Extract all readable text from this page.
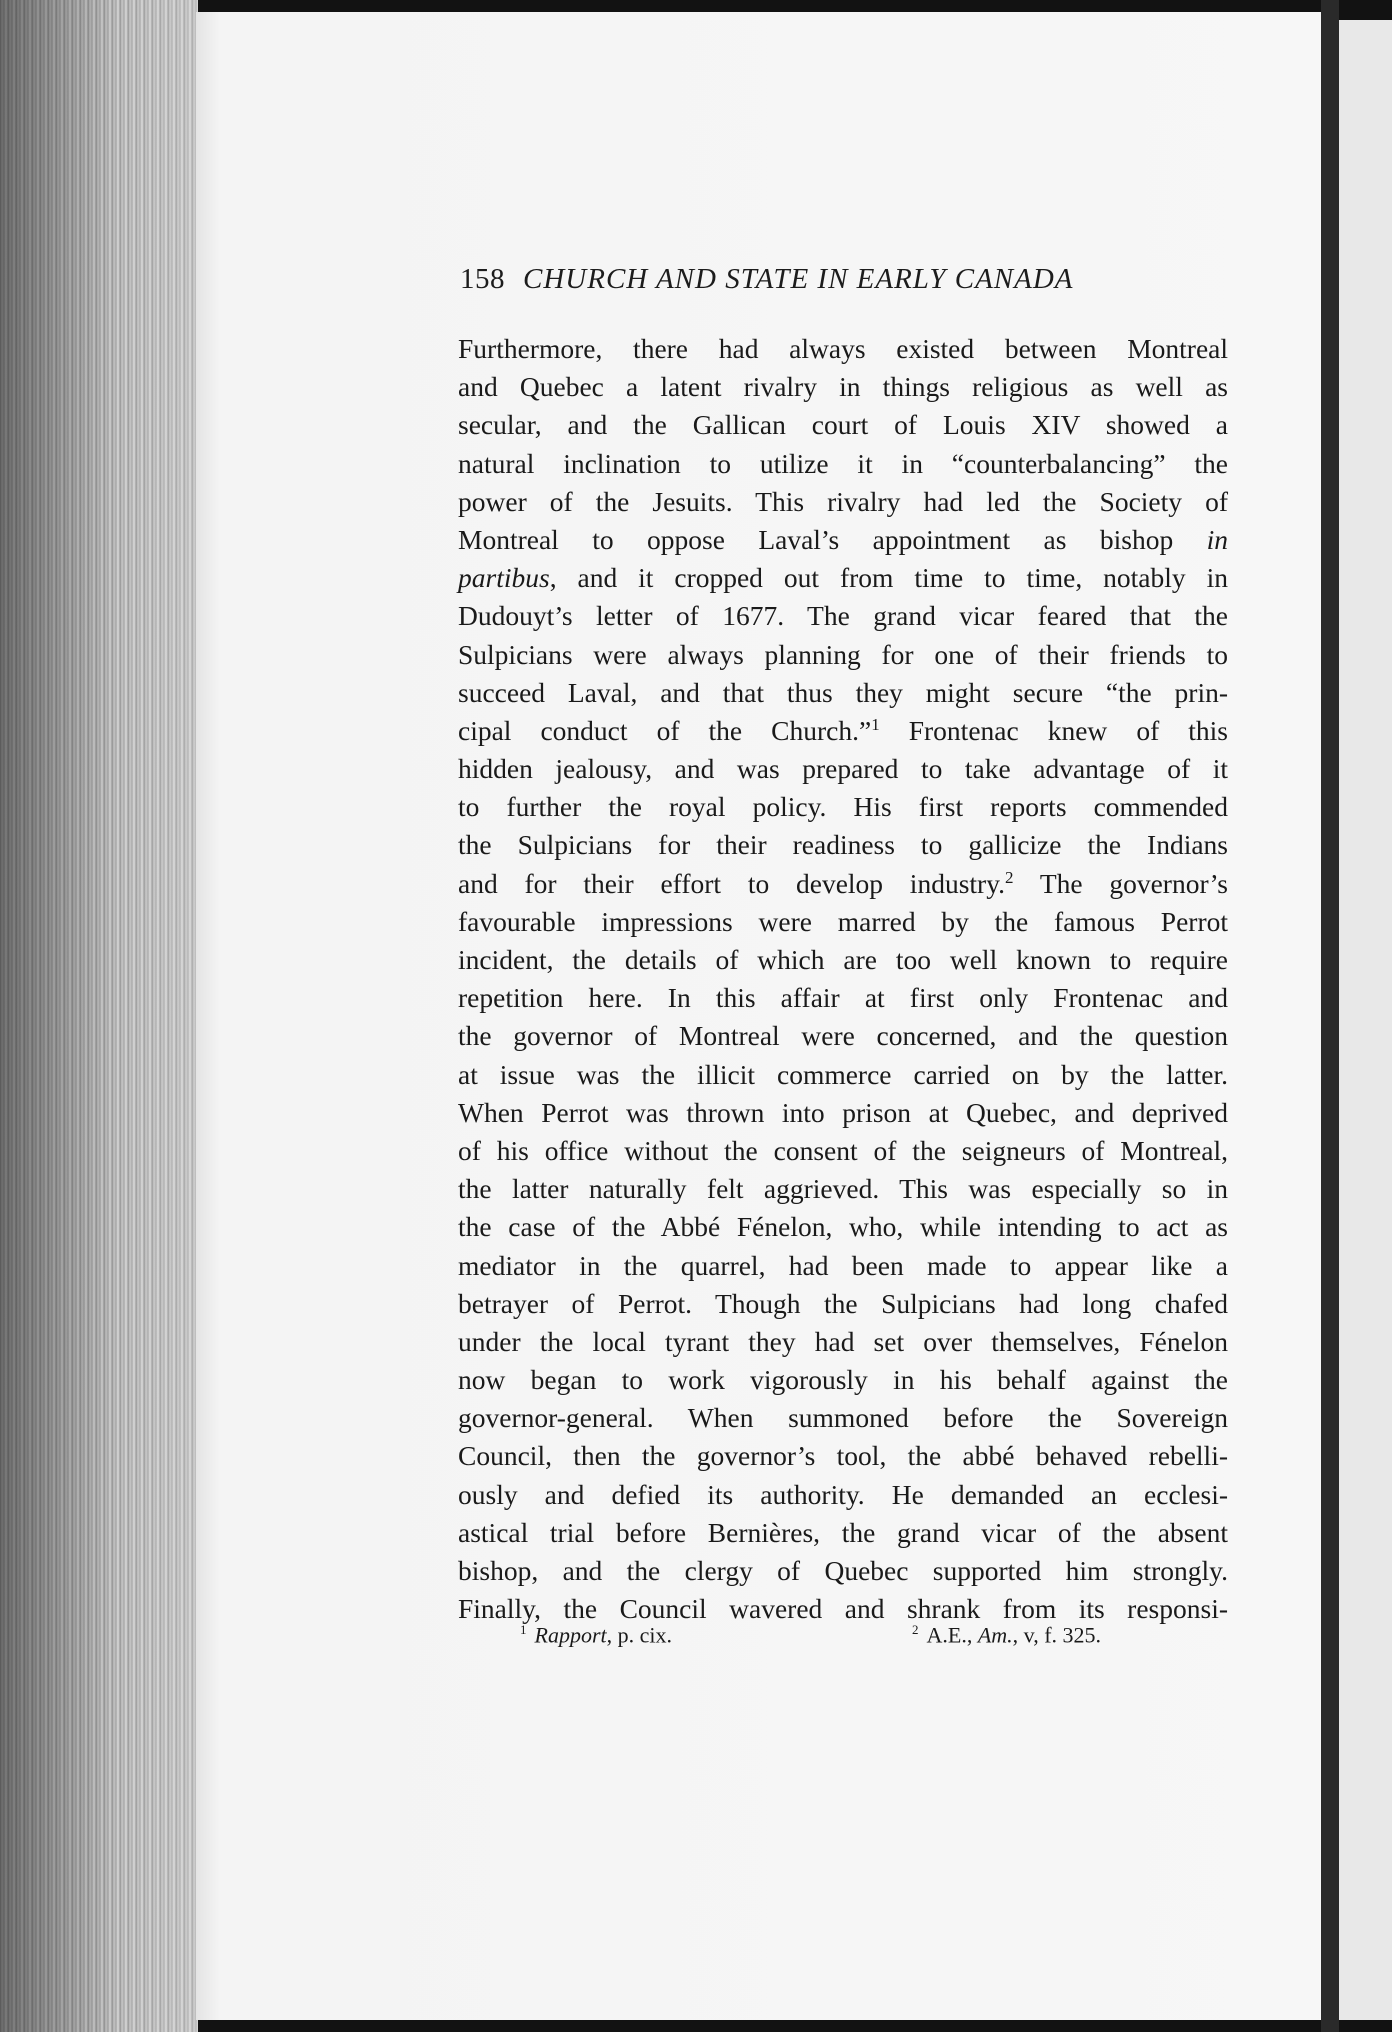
158 CHURCH AND STATE IN EARLY CANADA
Furthermore, there had always existed between Montreal
and Quebec a latent rivalry in things religious as well as
secular, and the Gallican court of Louis XIV showed a
natural inclination to utilize it in “counterbalancing” the
power of the Jesuits. This rivalry had led the Society of
Montreal to oppose Laval’s appointment as bishop in
partibus, and it cropped out from time to time, notably in
Dudouyt’s letter of 1677. The grand vicar feared that the
Sulpicians were always planning for one of their friends to
succeed Laval, and that thus they might secure “the prin-
cipal conduct of the Church.”$^1$ Frontenac knew of this
hidden jealousy, and was prepared to take advantage of it
to further the royal policy. His first reports commended
the Sulpicians for their readiness to gallicize the Indians
and for their effort to develop industry.$^2$ The governor’s
favourable impressions were marred by the famous Perrot
incident, the details of which are too well known to require
repetition here. In this affair at first only Frontenac and
the governor of Montreal were concerned, and the question
at issue was the illicit commerce carried on by the latter.
When Perrot was thrown into prison at Quebec, and deprived
of his office without the consent of the seigneurs of Montreal,
the latter naturally felt aggrieved. This was especially so in
the case of the Abbé Fénelon, who, while intending to act as
mediator in the quarrel, had been made to appear like a
betrayer of Perrot. Though the Sulpicians had long chafed
under the local tyrant they had set over themselves, Fénelon
now began to work vigorously in his behalf against the
governor-general. When summoned before the Sovereign
Council, then the governor’s tool, the abbé behaved rebelli-
ously and defied its authority. He demanded an ecclesi-
astical trial before Bernières, the grand vicar of the absent
bishop, and the clergy of Quebec supported him strongly.
Finally, the Council wavered and shrank from its responsi-
$^1$ Rapport, p. cix.	$^2$ A.E., Am., v, f. 325.
